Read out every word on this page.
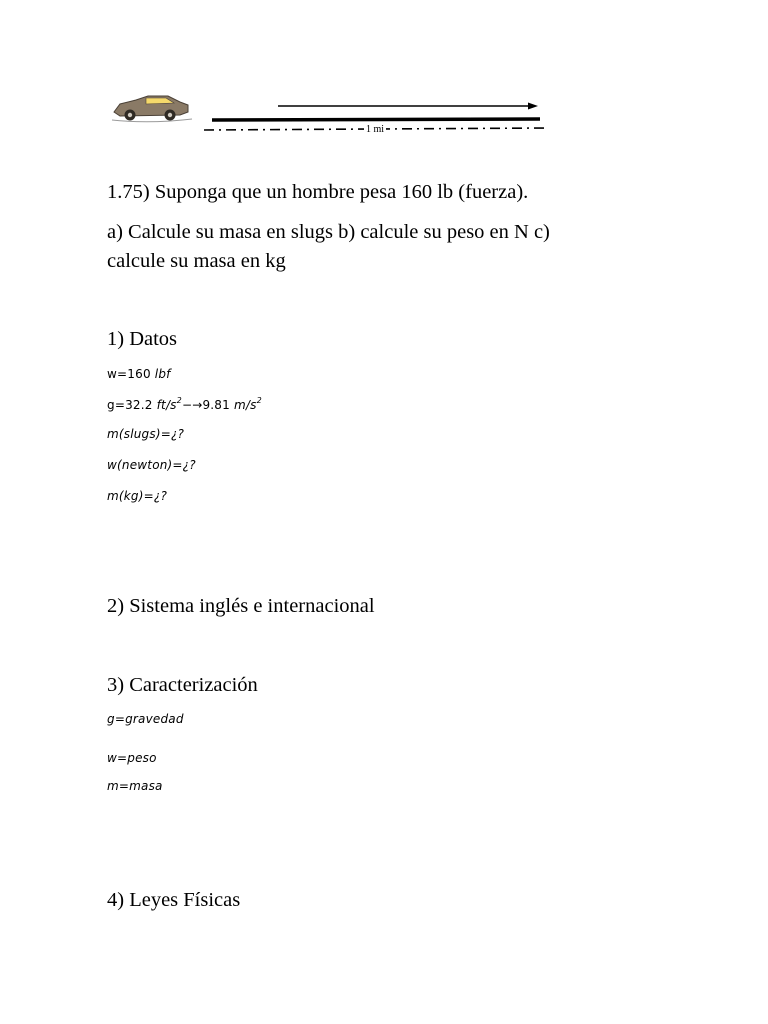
1 mi
1.75) Suponga que un hombre pesa 160 lb (fuerza).
a) Calcule su masa en slugs b) calcule su peso en N c)
calcule su masa en kg
1) Datos
w=160 lbf
g=32.2 $ft/s^2-\to 9.81$ $m/s^2$
m(slugs)=¿?
w(newton)=¿?
m(kg)=¿?
2) Sistema inglés e internacional
3) Caracterización
g=gravedad
w=peso
m=masa
4) Leyes Físicas
